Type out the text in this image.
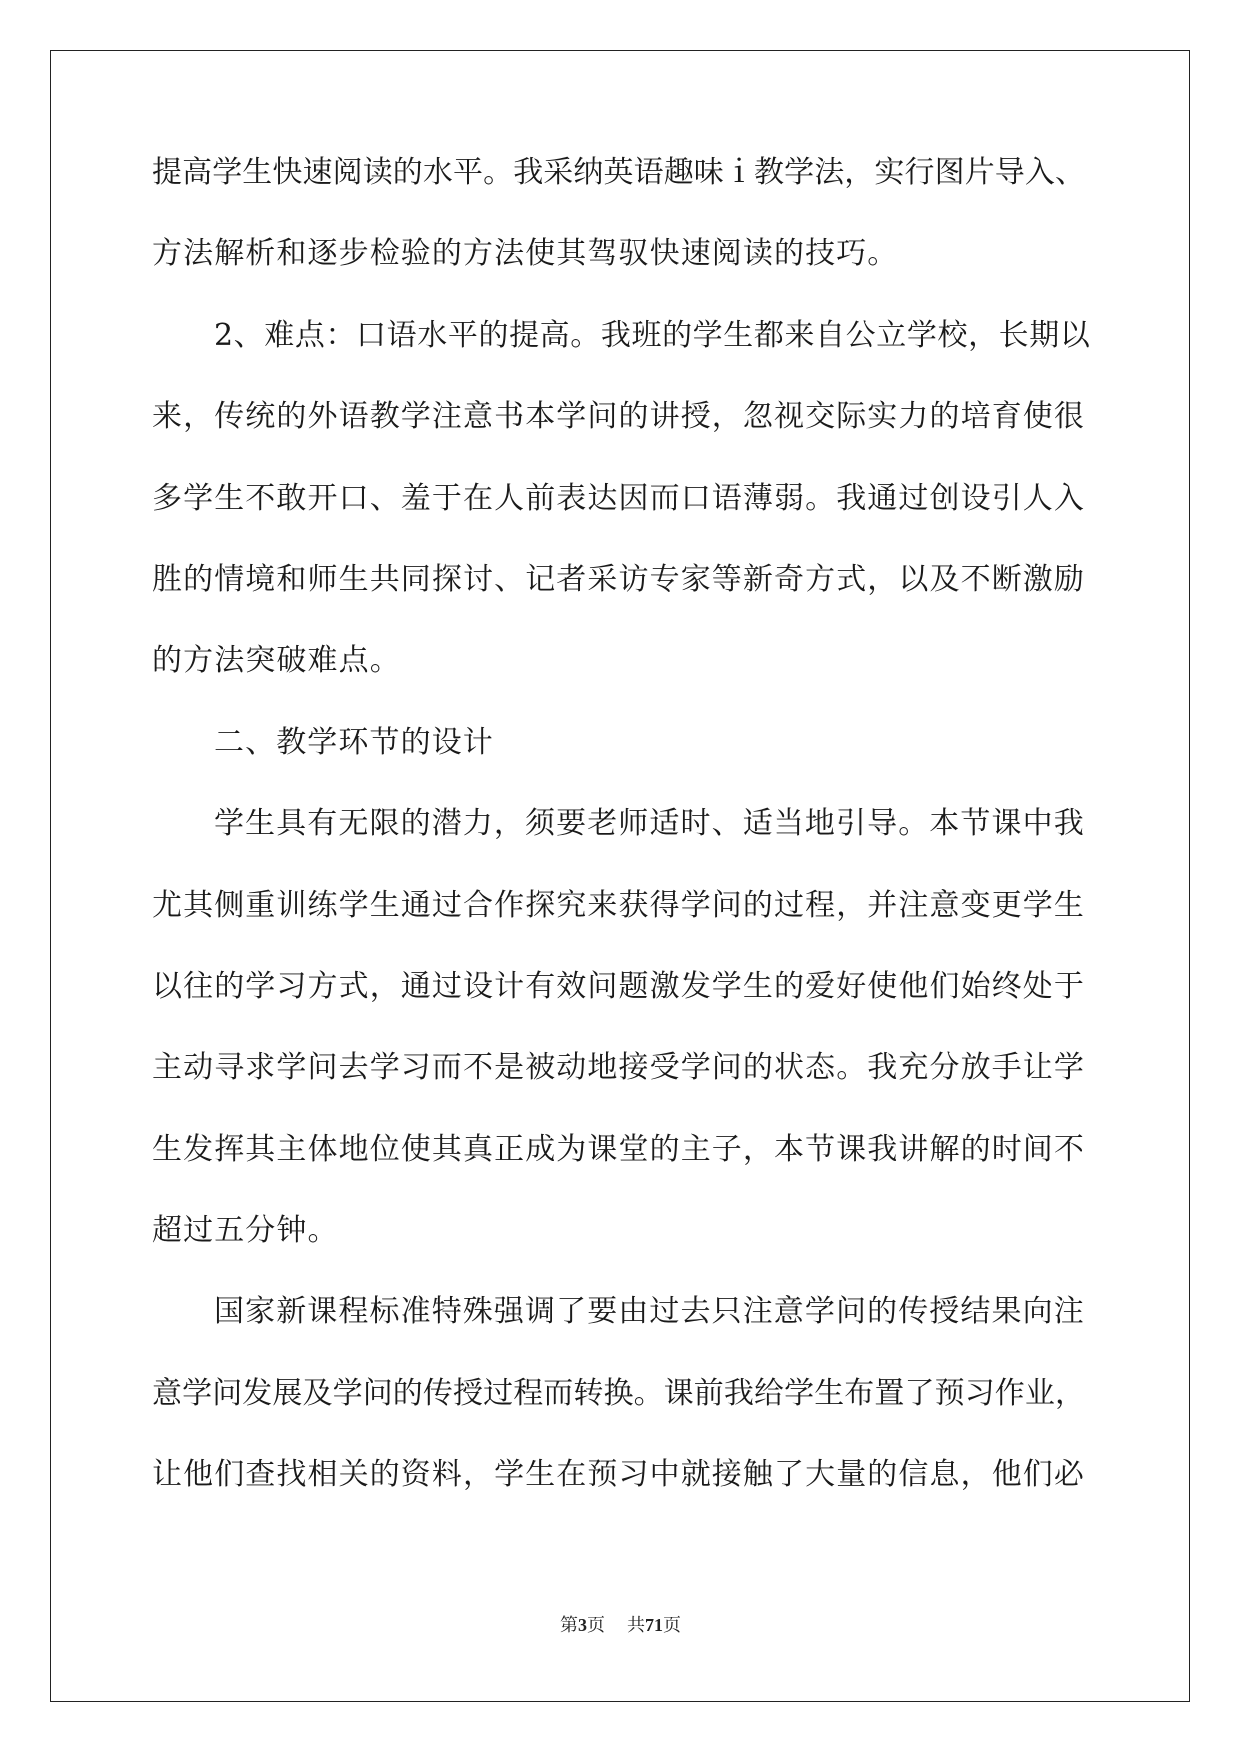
提高学生快速阅读的水平。我采纳英语趣味ｉ教学法，实行图片导入、
方法解析和逐步检验的方法使其驾驭快速阅读的技巧。
2、难点：口语水平的提高。我班的学生都来自公立学校，长期以
来，传统的外语教学注意书本学问的讲授，忽视交际实力的培育使很
多学生不敢开口、羞于在人前表达因而口语薄弱。我通过创设引人入
胜的情境和师生共同探讨、记者采访专家等新奇方式，以及不断激励
的方法突破难点。
二、教学环节的设计
学生具有无限的潜力，须要老师适时、适当地引导。本节课中我
尤其侧重训练学生通过合作探究来获得学问的过程，并注意变更学生
以往的学习方式，通过设计有效问题激发学生的爱好使他们始终处于
主动寻求学问去学习而不是被动地接受学问的状态。我充分放手让学
生发挥其主体地位使其真正成为课堂的主子，本节课我讲解的时间不
超过五分钟。
国家新课程标准特殊强调了要由过去只注意学问的传授结果向注
意学问发展及学问的传授过程而转换。课前我给学生布置了预习作业，
让他们查找相关的资料，学生在预习中就接触了大量的信息，他们必
第3页 共71页
